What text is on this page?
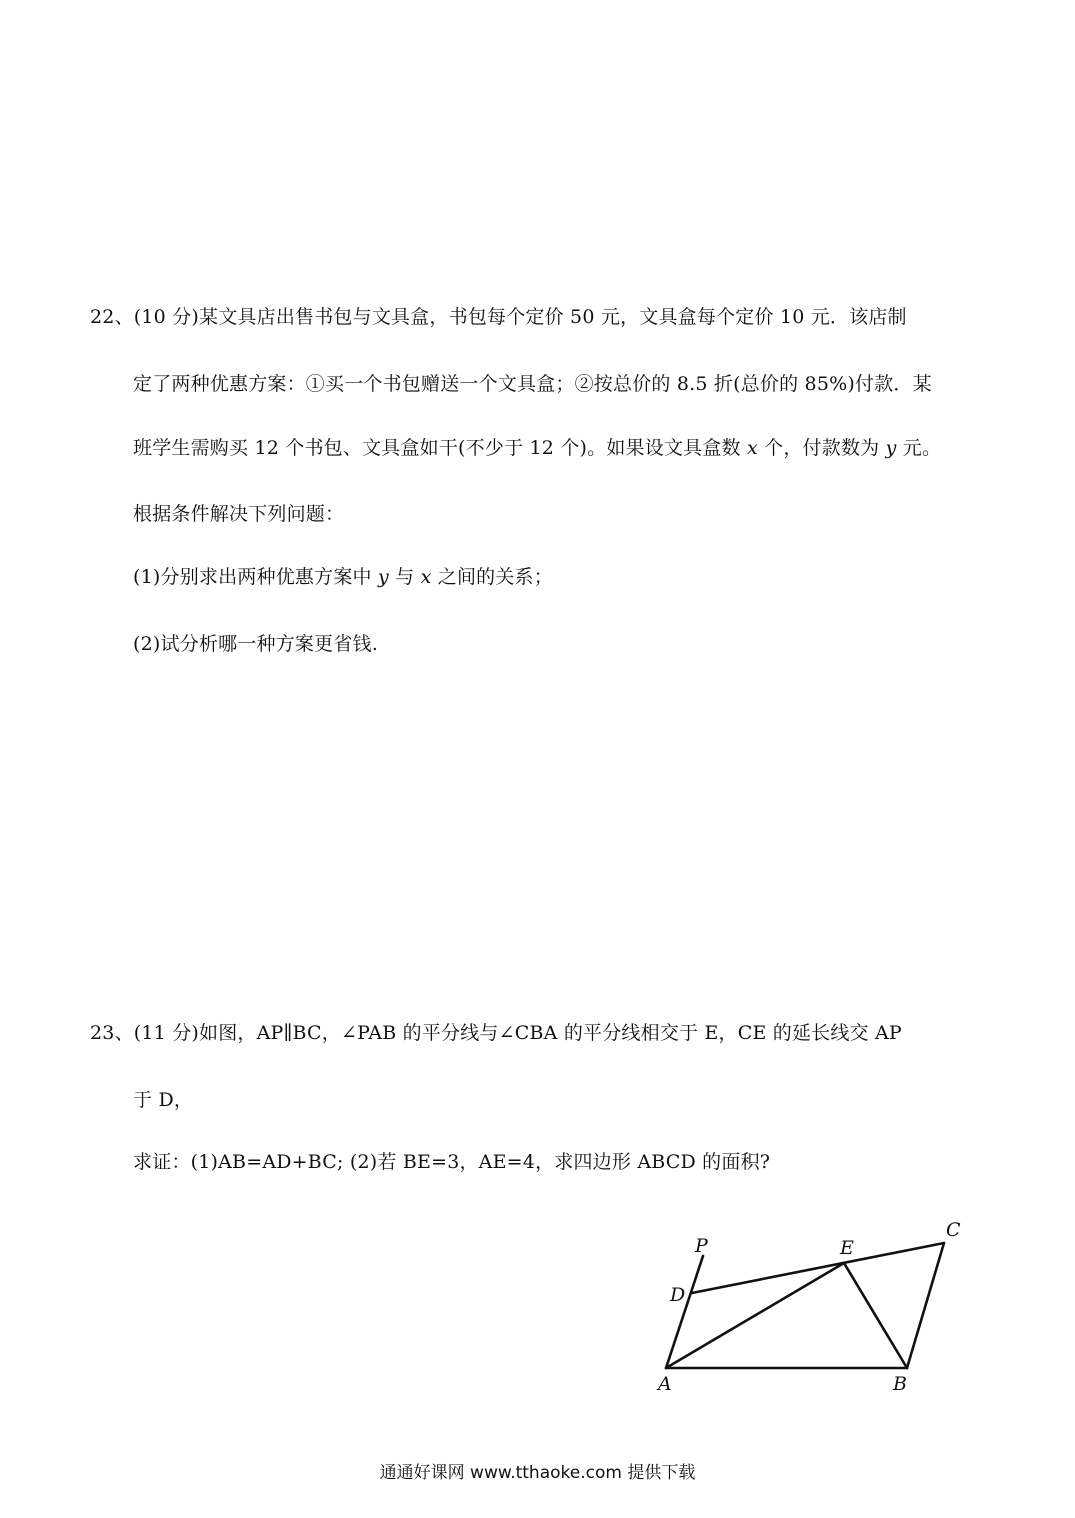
22、(10 分)某文具店出售书包与文具盒，书包每个定价 50 元，文具盒每个定价 10 元．该店制
定了两种优惠方案：①买一个书包赠送一个文具盒；②按总价的 8.5 折(总价的 85%)付款．某
班学生需购买 12 个书包、文具盒如干(不少于 12 个)。如果设文具盒数 x 个，付款数为 y 元。
根据条件解决下列问题：
(1)分别求出两种优惠方案中 y 与 x 之间的关系；
(2)试分析哪一种方案更省钱.
23、(11 分)如图，AP∥BC，∠PAB 的平分线与∠CBA 的平分线相交于 E，CE 的延长线交 AP
于 D，
求证：(1)AB=AD+BC; (2)若 BE=3，AE=4，求四边形 ABCD 的面积?
P	E
C
D
A	B
通通好课网 www.tthaoke.com 提供下载
